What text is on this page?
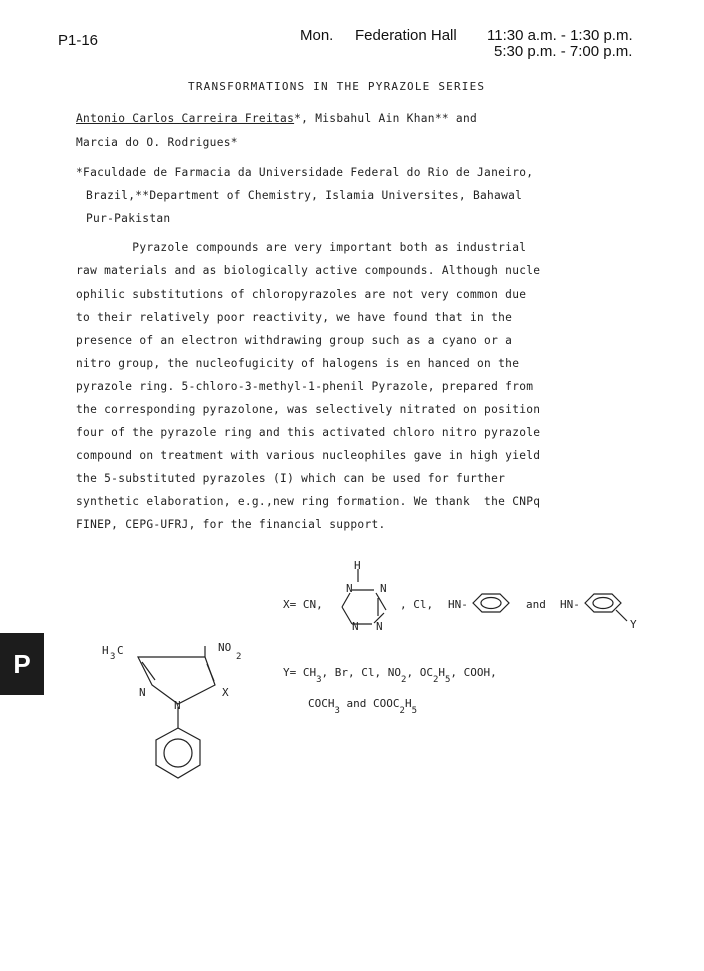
P1-16	Mon. Federation Hall 11:30 a.m. - 1:30 p.m.
5:30 p.m. - 7:00 p.m.
TRANSFORMATIONS IN THE PYRAZOLE SERIES
Antonio Carlos Carreira Freitas*, Misbahul Ain Khan** and
Marcia do O. Rodrigues*
*Faculdade de Farmacia da Universidade Federal do Rio de Janeiro,
Brazil,**Department of Chemistry, Islamia Universites, Bahawal
Pur-Pakistan
Pyrazole compounds are very important both as industrial
raw materials and as biologically active compounds. Although nucle
ophilic substitutions of chloropyrazoles are not very common due
to their relatively poor reactivity, we have found that in the
presence of an electron withdrawing group such as a cyano or a
nitro group, the nucleofugicity of halogens is en hanced on the
pyrazole ring. 5-chloro-3-methyl-1-phenil Pyrazole, prepared from
the corresponding pyrazolone, was selectively nitrated on position
four of the pyrazole ring and this activated chloro nitro pyrazole
compound on treatment with various nucleophiles gave in high yield
the 5-substituted pyrazoles (I) which can be used for further
synthetic elaboration, e.g.,new ring formation. We thank  the CNPq
FINEP, CEPG-UFRJ, for the financial support.
P
X= CN,
H
N N
N N
, Cl, HN-	and HN-
Y
H 3 C	NO
2
N
N
X
$Y= CH_3$, Br, Cl, $NO_2$, $OC_2H_5$, COOH,
$COCH_3$ and $COOC_2H_5$
